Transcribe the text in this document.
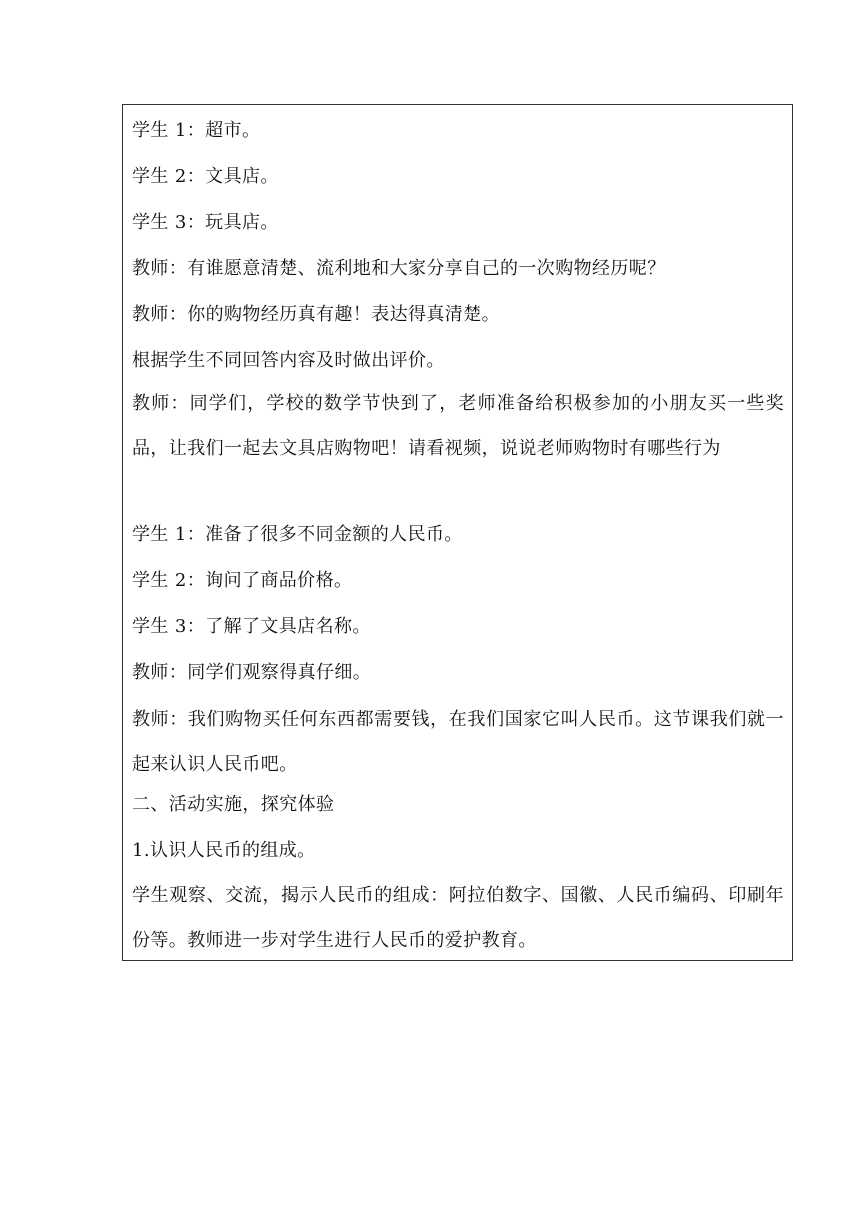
学生 1：超市。

学生 2：文具店。

学生 3：玩具店。

教师：有谁愿意清楚、流利地和大家分享自己的一次购物经历呢？

教师：你的购物经历真有趣！表达得真清楚。

根据学生不同回答内容及时做出评价。

教师：同学们，学校的数学节快到了，老师准备给积极参加的小朋友买一些奖品，让我们一起去文具店购物吧！请看视频，说说老师购物时有哪些行为

学生 1：准备了很多不同金额的人民币。

学生 2：询问了商品价格。

学生 3：了解了文具店名称。

教师：同学们观察得真仔细。

教师：我们购物买任何东西都需要钱，在我们国家它叫人民币。这节课我们就一起来认识人民币吧。

二、活动实施，探究体验

1.认识人民币的组成。

学生观察、交流，揭示人民币的组成：阿拉伯数字、国徽、人民币编码、印刷年份等。教师进一步对学生进行人民币的爱护教育。
